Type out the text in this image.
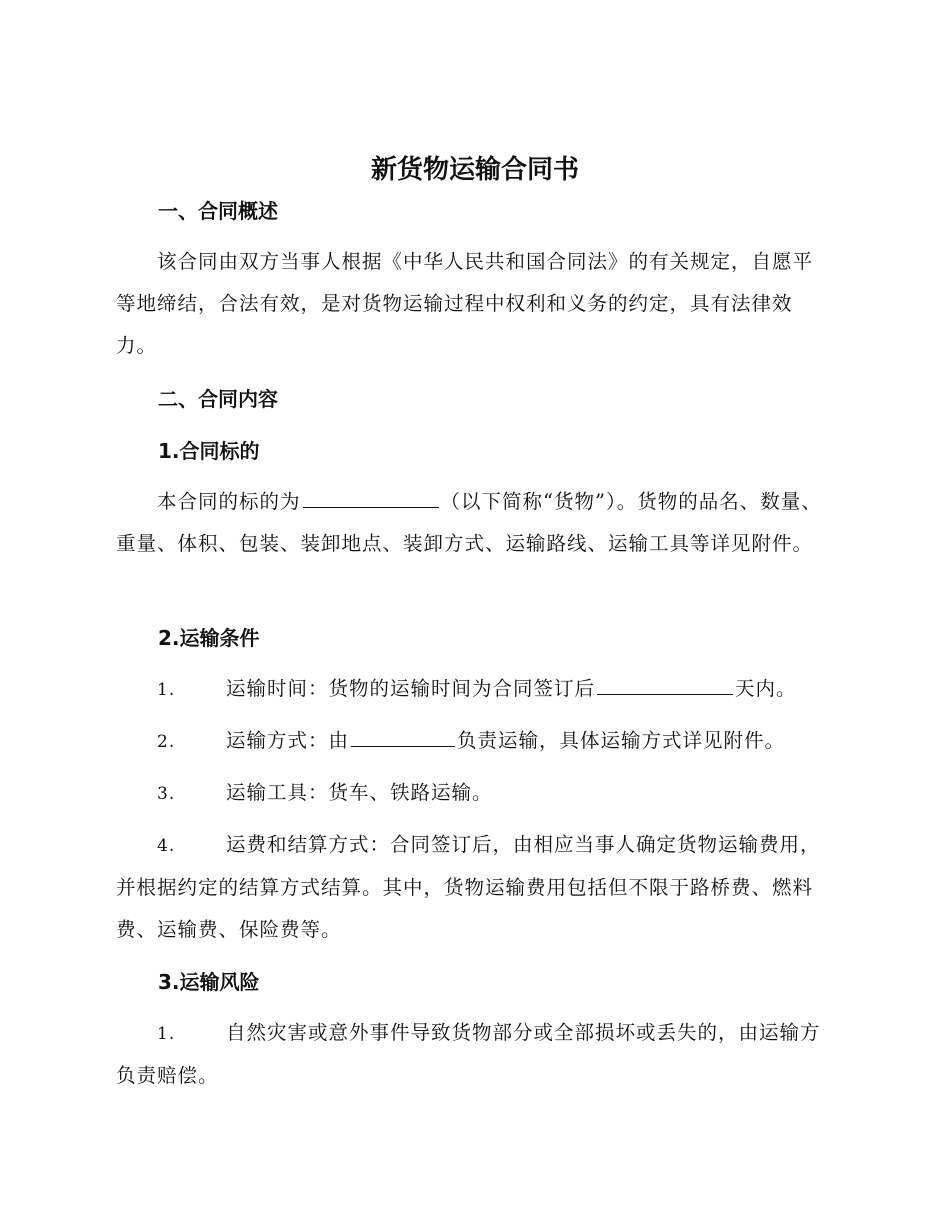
新货物运输合同书
一、合同概述
该合同由双方当事人根据《中华人民共和国合同法》的有关规定，自愿平等地缔结，合法有效，是对货物运输过程中权利和义务的约定，具有法律效力。
二、合同内容
1.合同标的
本合同的标的为	（以下简称“货物”）。货物的品名、数量、重量、体积、包装、装卸地点、装卸方式、运输路线、运输工具等详见附件。
2.运输条件
1.	运输时间：货物的运输时间为合同签订后	天内。
2.	运输方式：由	负责运输，具体运输方式详见附件。
3.	运输工具：货车、铁路运输。
4.	运费和结算方式：合同签订后，由相应当事人确定货物运输费用，并根据约定的结算方式结算。其中，货物运输费用包括但不限于路桥费、燃料费、运输费、保险费等。
3.运输风险
1.	自然灾害或意外事件导致货物部分或全部损坏或丢失的，由运输方负责赔偿。
